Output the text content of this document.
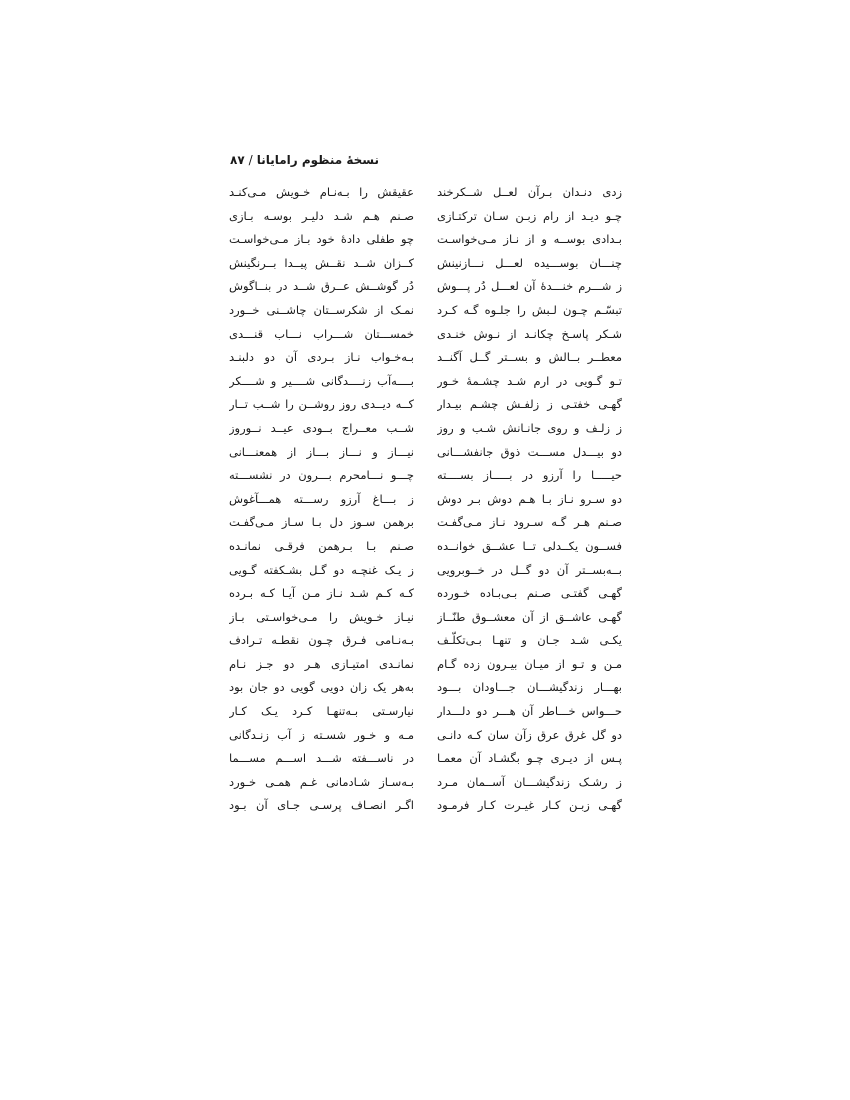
نسخهٔ منظوم رامایانا
/
۸۷
زدی دنـدان بـرآن لعــل شــکرخند
چـو دیـد از رام زبـن سـان ترکتـازی
بـدادی بوســه و از نـاز مـی‌خواسـت
چنـــان بوســـیده لعـــل نـــازنینش
ز شـــرم خنـــدهٔ آن لعـــل دُر پـــوش
تبسّـم چـون لـبش را جلـوه گـه کـرد
شـکر پاسـخ چکانـد از نـوش خنـدی
معطــر بــالش و بســتر گــل آگنــد
تـو گـویی در ارم شـد چشـمهٔ خـور
گهـی خفتـی ز زلفـش چشـم بیـدار
ز زلـف و روی جانـانش شـب و روز
دو بیـــدل مســـت ذوق جانفشـــانی
حیـــــا را آرزو در بـــــاز بســــته
دو سـرو نـاز بـا هـم دوش بـر دوش
صـنم هـر گـه سـرود نـاز مـی‌گفـت
فســون یکــدلی تــا عشــق خوانــده
بــه‌بســتر آن دو گــل در خــوبرویی
گهـی گفتـی صـنم بـی‌بـاده خـورده
گهـی عاشــق از آن معشــوق طنّــاز
یکـی شـد جـان و تنهـا بـی‌تکلّـف
مـن و تـو از میـان بیـرون زده گـام
بهـــار زندگیشـــان جـــاودان بـــود
حـــواس خـــاطر آن هـــر دو دلـــدار
دو گل غرق عرق زآن سان کـه دانـی
پـس از دیـری چـو بگشـاد آن معمـا
ز رشـک زندگیشـــان آســمان مـرد
گهـی زبـن کـار غیـرت کـار فرمـود
عقیقش را بـه‌نـام خـویش مـی‌کنـد
صـنم هـم شـد دلیـر بوسـه بـازی
چو طفلی دادهٔ خود بـاز مـی‌خواسـت
کــزان شــد نقــش پیــدا بــرنگینش
دُر گوشــش عــرق شــد در بنــاگوش
نمـک از شکرســتان چاشــنی خــورد
خمســـتان شـــراب نـــاب قنـــدی
بـه‌خـواب نـاز بـردی آن دو دلبنـد
بــــه‌آب زنــــدگانی شــــیر و شــــکر
کــه دیــدی روز روشــن را شــب تــار
شــب معــراج بــودی عیــد نــوروز
نیـــاز و نـــاز بـــاز از همعنـــانی
چـــو نـــامحرم بـــرون در نشســـته
ز بـــاغ آرزو رســـته همـــآغوش
برهمن سـوز دل بـا سـاز مـی‌گفـت
صـنم بـا بـرهمن فرقـی نمانـده
ز یـک غنچـه دو گـل بشـکفته گـویی
کـه کـم شـد نـاز مـن آیـا کـه بـرده
نیـاز خـویش را مـی‌خواسـتی بـاز
بـه‌نـامی فـرق چـون نقطـه تـرادف
نمانـدی امتیـازی هـر دو جـز نـام
به‌هر یک زان دویی گویی دو جان بود
نیارسـتی بـه‌تنهـا کـرد یـک کـار
مـه و خـور شسـته ز آب زنـدگانی
در ناســـفته شـــد اســـم مســـما
بـه‌سـاز شـادمانی غـم همـی خـورد
اگـر انصـاف پرسـی جـای آن بـود
